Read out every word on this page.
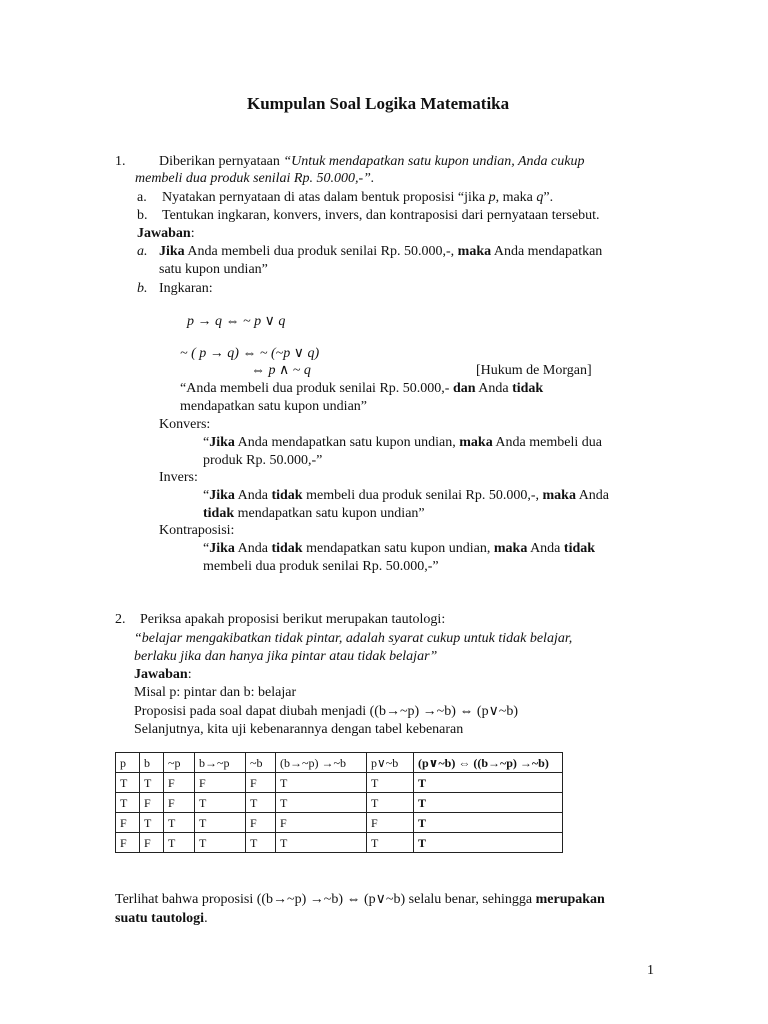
Kumpulan Soal Logika Matematika
1. Diberikan pernyataan “Untuk mendapatkan satu kupon undian, Anda cukup
membeli dua produk senilai Rp. 50.000,-”.
a. Nyatakan pernyataan di atas dalam bentuk proposisi “jika p, maka q”.
b. Tentukan ingkaran, konvers, invers, dan kontraposisi dari pernyataan tersebut.
Jawaban:
a. Jika Anda membeli dua produk senilai Rp. 50.000,-, maka Anda mendapatkan
satu kupon undian”
b. Ingkaran:
p → q ⇔ ~ p ∨ q
~ ( p → q) ⇔ ~ (~p ∨ q)
⇔ p ∧ ~ q	[Hukum de Morgan]
“Anda membeli dua produk senilai Rp. 50.000,- dan Anda tidak
mendapatkan satu kupon undian”
Konvers:
“Jika Anda mendapatkan satu kupon undian, maka Anda membeli dua
produk Rp. 50.000,-”
Invers:
“Jika Anda tidak membeli dua produk senilai Rp. 50.000,-, maka Anda
tidak mendapatkan satu kupon undian”
Kontraposisi:
“Jika Anda tidak mendapatkan satu kupon undian, maka Anda tidak
membeli dua produk senilai Rp. 50.000,-”
2. Periksa apakah proposisi berikut merupakan tautologi:
“belajar mengakibatkan tidak pintar, adalah syarat cukup untuk tidak belajar,
berlaku jika dan hanya jika pintar atau tidak belajar”
Jawaban:
Misal p: pintar dan b: belajar
Proposisi pada soal dapat diubah menjadi ((b→~p) →~b) ⇔ (p∨~b)
Selanjutnya, kita uji kebenarannya dengan tabel kebenaran
p	b	~p	b→~p	~b	(b→~p) →~b	p∨~b	(p∨~b) ⇔ ((b→~p) →~b)
T	T	F	F	F	T	T	T
T	F	F	T	T	T	T	T
F	T	T	T	F	F	F	T
F	F	T	T	T	T	T	T
Terlihat bahwa proposisi ((b→~p) →~b) ⇔ (p∨~b) selalu benar, sehingga merupakan
suatu tautologi.
1
